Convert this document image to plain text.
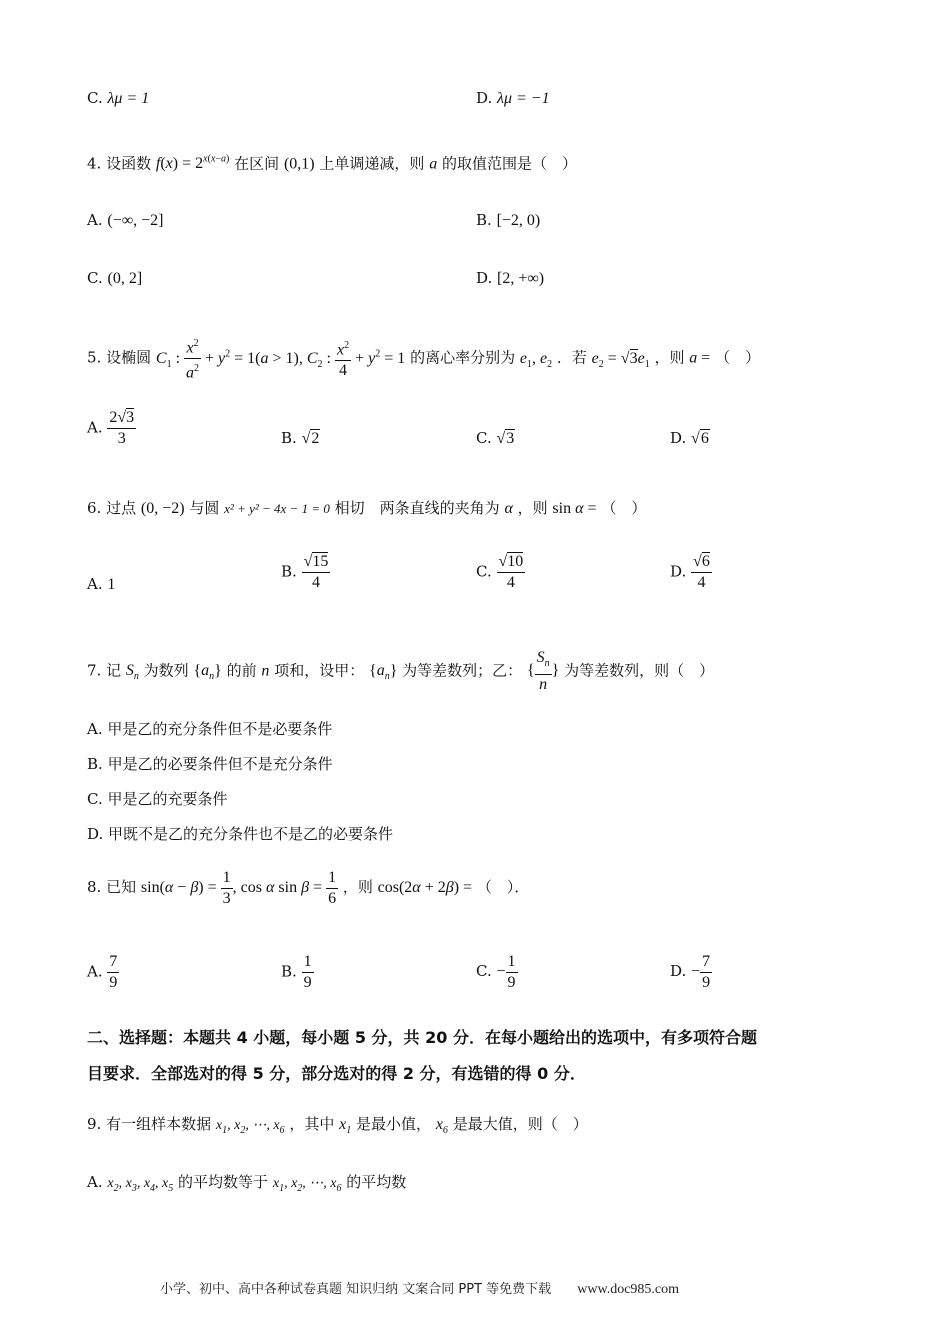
C. λμ = 1	D. λμ = −1
4. 设函数 $f(x) = 2^{x(x-a)}$ 在区间 (0,1) 上单调递减，则 a 的取值范围是（　）
A. (−∞, −2]	B. [−2, 0)
C. (0, 2]	D. [2, +∞)
5. 设椭圆 $C_1$ : $\frac{x^2}{a^2} + y^2 = 1(a > 1)$, $C_2$ : $\frac{x^2}{4} + y^2 = 1$ 的离心率分别为 $e_1$, $e_2$ ．若 $e_2 = √3e_1$ ，则 a = （　）
A. $\frac{2√3}{3}$	B. √2	C. √3	D. √6
6. 过点 (0, −2) 与圆 x² + y² − 4x − 1 = 0 相切　两条直线的夹角为 α ，则 sin α = （　）
A. 1
B. $\frac{√15}{4}$	C. $\frac{√10}{4}$	D. $\frac{√6}{4}$
7. 记 $S_n$ 为数列 $\{a_n\}$ 的前 n 项和，设甲： $\{a_n\}$ 为等差数列；乙： { $\frac{S_n}{n}$ } 为等差数列，则（　）
A. 甲是乙的充分条件但不是必要条件
B. 甲是乙的必要条件但不是充分条件
C. 甲是乙的充要条件
D. 甲既不是乙的充分条件也不是乙的必要条件
8. 已知 $\sin(\alpha - \beta) = \frac{1}{3}$ , cos α $\sin \beta = \frac{1}{6}$ ，则 cos(2α + 2β) = （　）．
A. $\frac{7}{9}$	B. $\frac{1}{9}$	C. − $\frac{1}{9}$	D. − $\frac{7}{9}$
二、选择题：本题共 4 小题，每小题 5 分，共 20 分．在每小题给出的选项中，有多项符合题
目要求．全部选对的得 5 分，部分选对的得 2 分，有选错的得 0 分．
9. 有一组样本数据 $x_1$, $x_2$, ⋯, $x_6$ ，其中 $x_1$ 是最小值， $x_6$ 是最大值，则（　）
A. $x_2$, $x_3$, $x_4$, $x_5$ 的平均数等于 $x_1$, $x_2$, ⋯, $x_6$ 的平均数
小学、初中、高中各种试卷真题 知识归纳 文案合同 PPT 等免费下载 www.doc985.com
